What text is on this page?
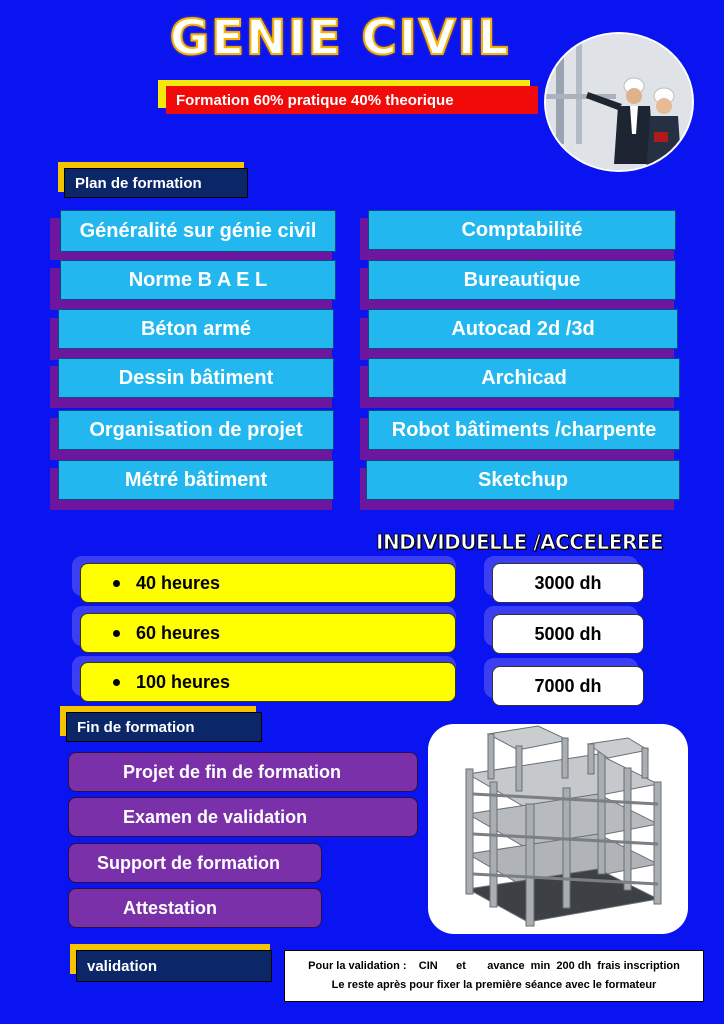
GENIE CIVIL
Formation 60% pratique 40% theorique
Plan de formation
Généralité sur génie civil
Norme B A E L
Béton armé
Dessin bâtiment
Organisation de projet
Métré bâtiment
Comptabilité
Bureautique
Autocad 2d /3d
Archicad
Robot bâtiments /charpente
Sketchup
INDIVIDUELLE /ACCELEREE
40 heures	3000 dh
60 heures	5000 dh
100 heures	7000 dh
Fin de formation
Projet de fin de formation
Examen de validation
Support de formation
Attestation
validation	Pour la validation :    CIN      et       avance  min  200 dh  frais inscription
Le reste après pour fixer la première séance avec le formateur
